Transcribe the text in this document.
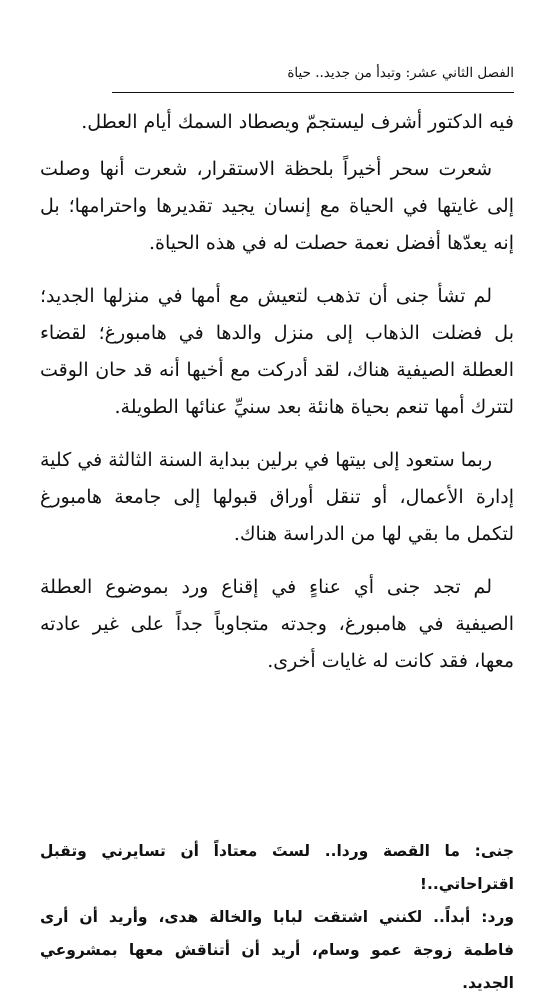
الفصل الثاني عشر: وتبدأ من جديد.. حياة

فيه الدكتور أشرف ليستجمّ ويصطاد السمك أيام العطل.

شعرت سحر أخيراً بلحظة الاستقرار، شعرت أنها وصلت إلى غايتها في الحياة مع إنسان يجيد تقديرها واحترامها؛ بل إنه يعدّها أفضل نعمة حصلت له في هذه الحياة.

لم تشأ جنى أن تذهب لتعيش مع أمها في منزلها الجديد؛ بل فضلت الذهاب إلى منزل والدها في هامبورغ؛ لقضاء العطلة الصيفية هناك، لقد أدركت مع أخيها أنه قد حان الوقت لتترك أمها تنعم بحياة هانئة بعد سنيِّ عنائها الطويلة.

ربما ستعود إلى بيتها في برلين ببداية السنة الثالثة في كلية إدارة الأعمال، أو تنقل أوراق قبولها إلى جامعة هامبورغ لتكمل ما بقي لها من الدراسة هناك.

لم تجد جنى أي عناءٍ في إقناع ورد بموضوع العطلة الصيفية في هامبورغ، وجدته متجاوباً جداً على غير عادته معها، فقد كانت له غايات أخرى.

جنى: ما القصة وردا.. لستَ معتاداً أن تسايرني وتقبل اقتراحاتي..!

ورد: أبداً.. لكنني اشتقت لبابا والخالة هدى، وأريد أن أرى فاطمة زوجة عمو وسام، أريد أن أتناقش معها بمشروعي الجديد.
